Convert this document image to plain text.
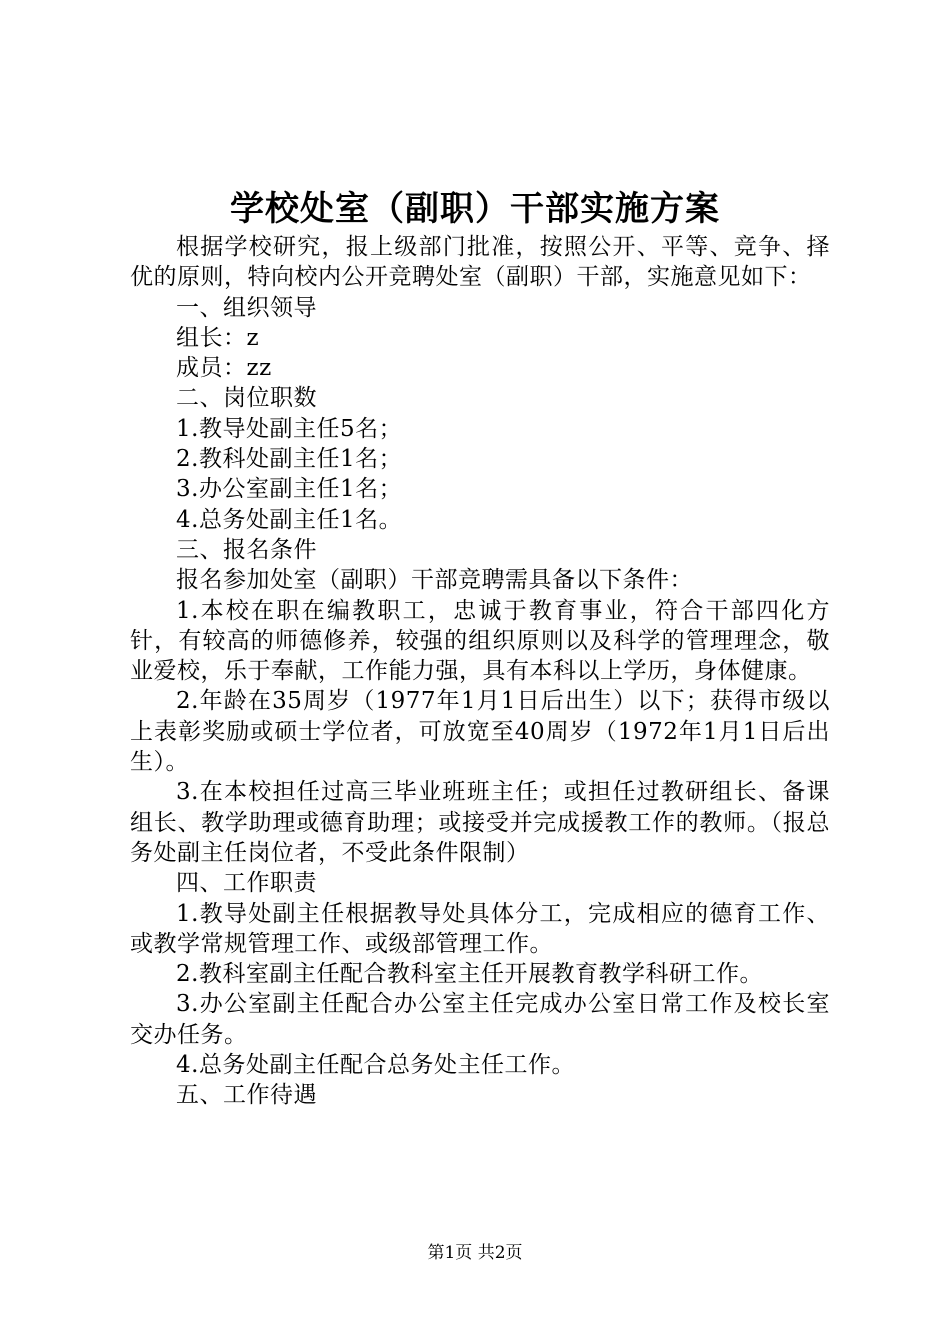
学校处室（副职）干部实施方案

根据学校研究，报上级部门批准，按照公开、平等、竞争、择优的原则，特向校内公开竞聘处室（副职）干部，实施意见如下：

一、组织领导

组长：z

成员：zz

二、岗位职数

1.教导处副主任5名；

2.教科处副主任1名；

3.办公室副主任1名；

4.总务处副主任1名。

三、报名条件

报名参加处室（副职）干部竞聘需具备以下条件：

1.本校在职在编教职工，忠诚于教育事业，符合干部四化方针，有较高的师德修养，较强的组织原则以及科学的管理理念，敬业爱校，乐于奉献，工作能力强，具有本科以上学历，身体健康。

2.年龄在35周岁（1977年1月1日后出生）以下；获得市级以上表彰奖励或硕士学位者，可放宽至40周岁（1972年1月1日后出生）。

3.在本校担任过高三毕业班班主任；或担任过教研组长、备课组长、教学助理或德育助理；或接受并完成援教工作的教师。（报总务处副主任岗位者，不受此条件限制）

四、工作职责

1.教导处副主任根据教导处具体分工，完成相应的德育工作、或教学常规管理工作、或级部管理工作。

2.教科室副主任配合教科室主任开展教育教学科研工作。

3.办公室副主任配合办公室主任完成办公室日常工作及校长室交办任务。

4.总务处副主任配合总务处主任工作。

五、工作待遇

第1页 共2页
